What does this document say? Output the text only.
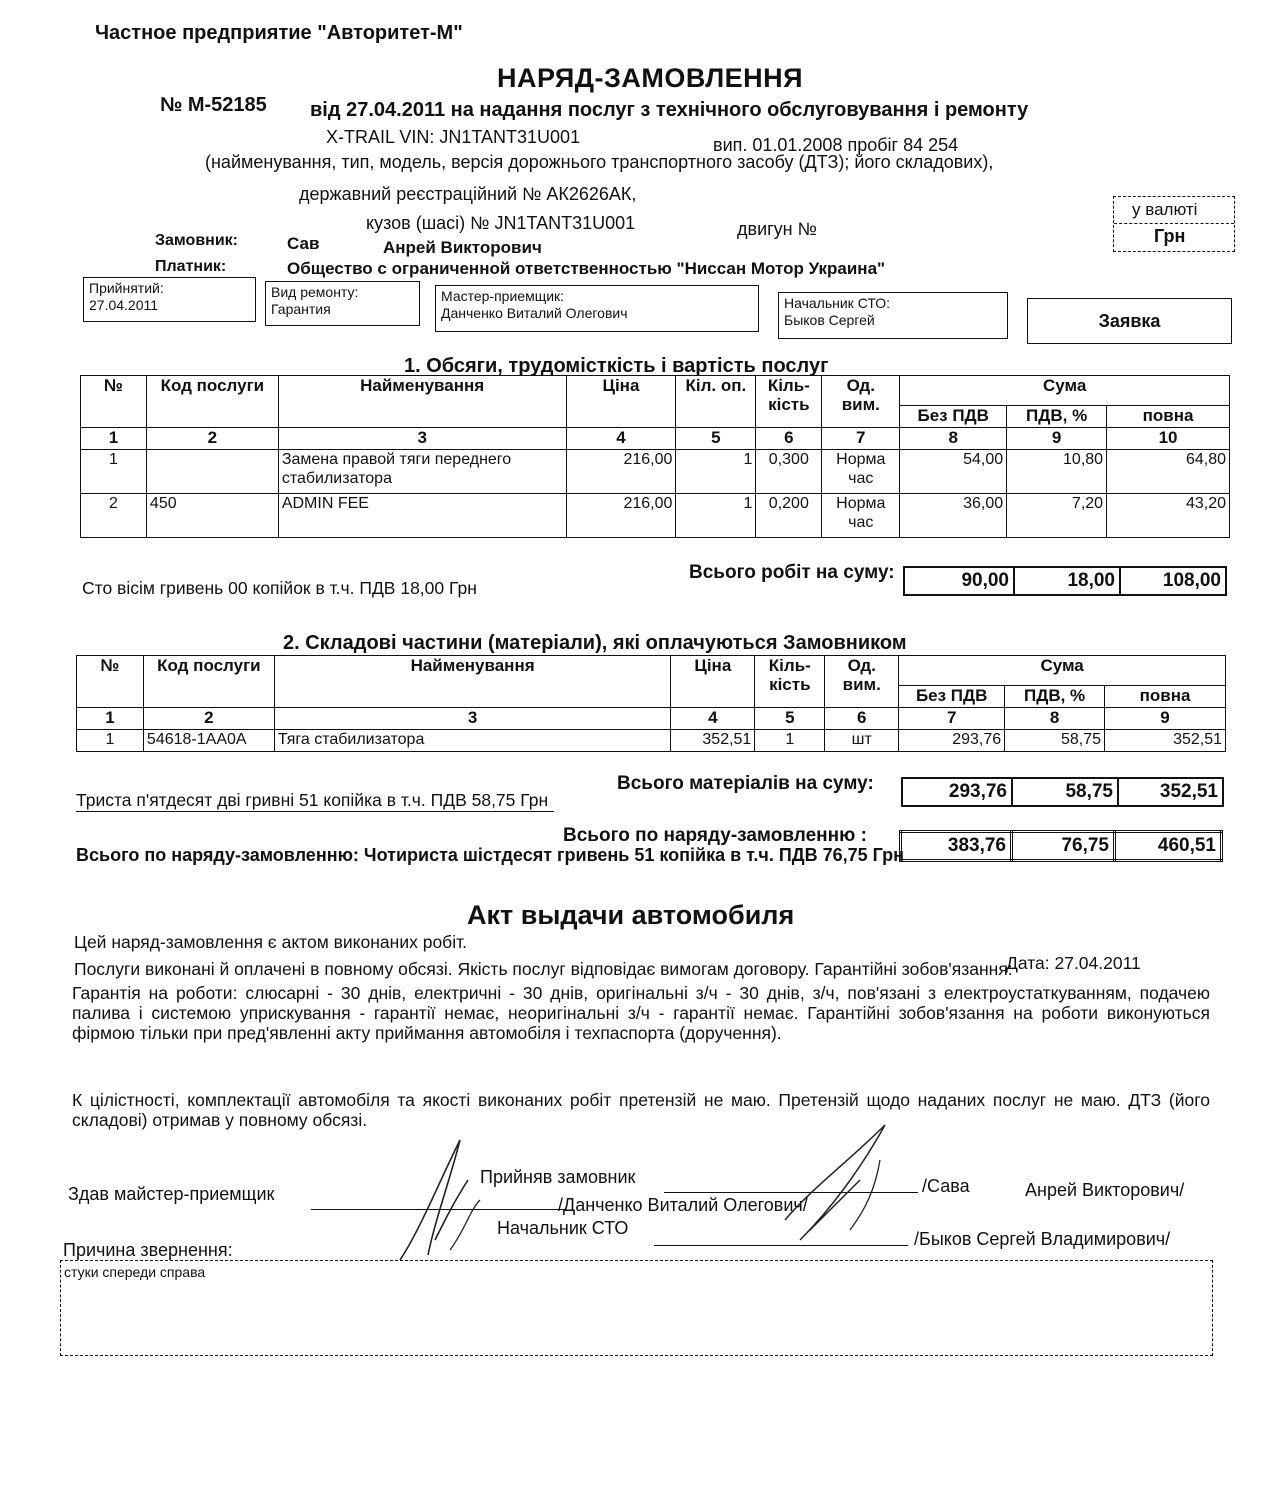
Частное предприятие "Авторитет-М"
НАРЯД-ЗАМОВЛЕННЯ
№ М-52185 від 27.04.2011 на надання послуг з технічного обслуговування і ремонту
X-TRAIL VIN: JN1TANT31U001	вип. 01.01.2008 пробіг 84 254
(найменування, тип, модель, версія дорожнього транспортного засобу (ДТЗ); його складових),
державний реєстраційний № АК2626АК,
кузов (шасі) № JN1TANT31U001	двигун №
у валюті
Грн
Замовник:	Сав	Анрей Викторович
Платник:	Общество с ограниченной ответственностью "Ниссан Мотор Украина"
Прийнятий:
27.04.2011
Вид ремонту:
Гарантия
Мастер-приемщик:
Данченко Виталий Олегович
Начальник СТО:
Быков Сергей	Заявка
1. Обсяги, трудомісткість і вартість послуг
№	Код послуги	Найменування	Ціна	Кіл. оп.	Кіль-кість	Од. вим.	Сума		
							Без ПДВ	ПДВ, %	повна
1	2	3	4	5	6	7	8	9	10
1		Замена правой тяги переднего стабилизатора	216,00	1	0,300	Норма час	54,00	10,80	64,80
2	450	ADMIN FEE	216,00	1	0,200	Норма час	36,00	7,20	43,20
Всього робіт на суму:	90,00	18,00	108,00
Сто вісім гривень 00 копійок в т.ч. ПДВ 18,00 Грн
2. Складові частини (матеріали), які оплачуються Замовником
№	Код послуги	Найменування	Ціна	Кіль-кість	Од. вим.	Сума		
						Без ПДВ	ПДВ, %	повна
1	2	3	4	5	6	7	8	9
1	54618-1AA0A	Тяга стабилизатора	352,51	1	шт	293,76	58,75	352,51
Всього матеріалів на суму:	293,76	58,75	352,51
Триста п'ятдесят дві гривні 51 копійка в т.ч. ПДВ 58,75 Грн
Всього по наряду-замовленню :	383,76	76,75	460,51
Всього по наряду-замовленню: Чотириста шістдесят гривень 51 копійка в т.ч. ПДВ 76,75 Грн
Акт выдачи автомобиля
Цей наряд-замовлення є актом виконаних робіт.
Дата: 27.04.2011
Послуги виконані й оплачені в повному обсязі. Якість послуг відповідає вимогам договору. Гарантійні зобов'язання:
Гарантія на роботи: слюсарні - 30 днів, електричні - 30 днів, оригінальні з/ч - 30 днів, з/ч, пов'язані з електроустаткуванням, подачею палива і системою уприскування - гарантії немає, неоригінальні з/ч - гарантії немає. Гарантійні зобов'язання на роботи виконуються фірмою тільки при пред'явленні акту приймання автомобіля і техпаспорта (доручення).
К цілістності, комплектації автомобіля та якості виконаних робіт претензій не маю. Претензій щодо наданих послуг не маю. ДТЗ (його складові) отримав у повному обсязі.
Прийняв замовник	/Сава	Анрей Викторович/
Здав майстер-приемщик
/Данченко Виталий Олегович/
Начальник СТО
/Быков Сергей Владимирович/
Причина звернення:
стуки спереди справа
